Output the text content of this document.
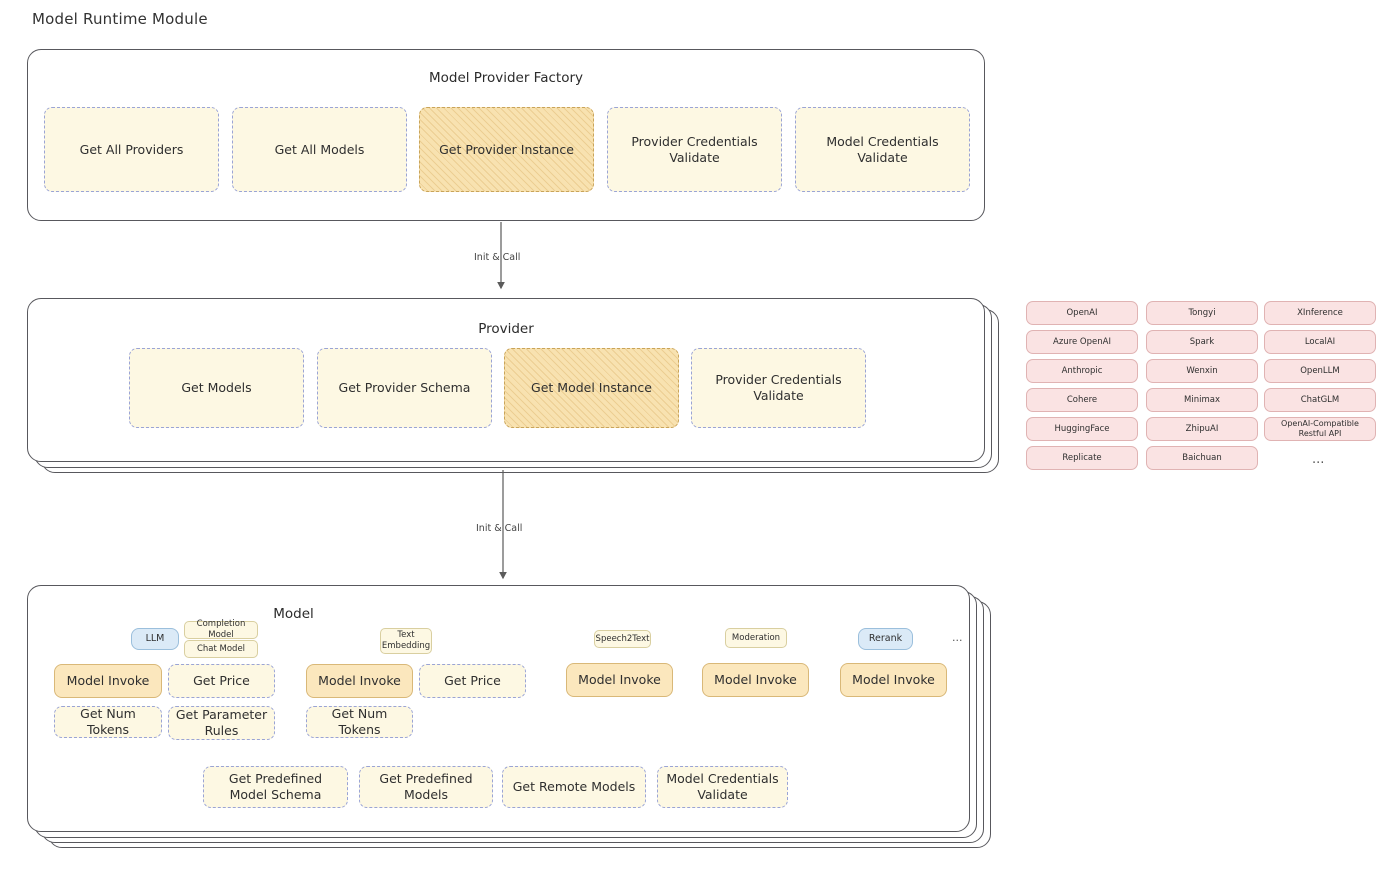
Model Runtime Module
Model Provider Factory
Get All Providers	Get All Models	Get Provider Instance
Provider Credentials Validate
Model Credentials Validate
Provider
Get Models	Get Provider Schema	Get Model Instance
Provider Credentials Validate
OpenAI
Azure OpenAI
Anthropic
Cohere
HuggingFace
Replicate
Tongyi
Spark
Wenxin
Minimax
ZhipuAI
Baichuan
XInference
LocalAI
OpenLLM
ChatGLM
OpenAI-Compatible Restful API
...
Model
LLM
Completion Model
Chat Model
Text Embedding
Speech2Text	Moderation	Rerank	...
Model Invoke	Get Price
Get Num Tokens
Get Parameter Rules
Model Invoke	Get Price
Get Num Tokens
Model Invoke	Model Invoke	Model Invoke
Get Predefined Model Schema
Get Predefined Models
Get Remote Models
Model Credentials Validate
Init & Call
Init & Call
